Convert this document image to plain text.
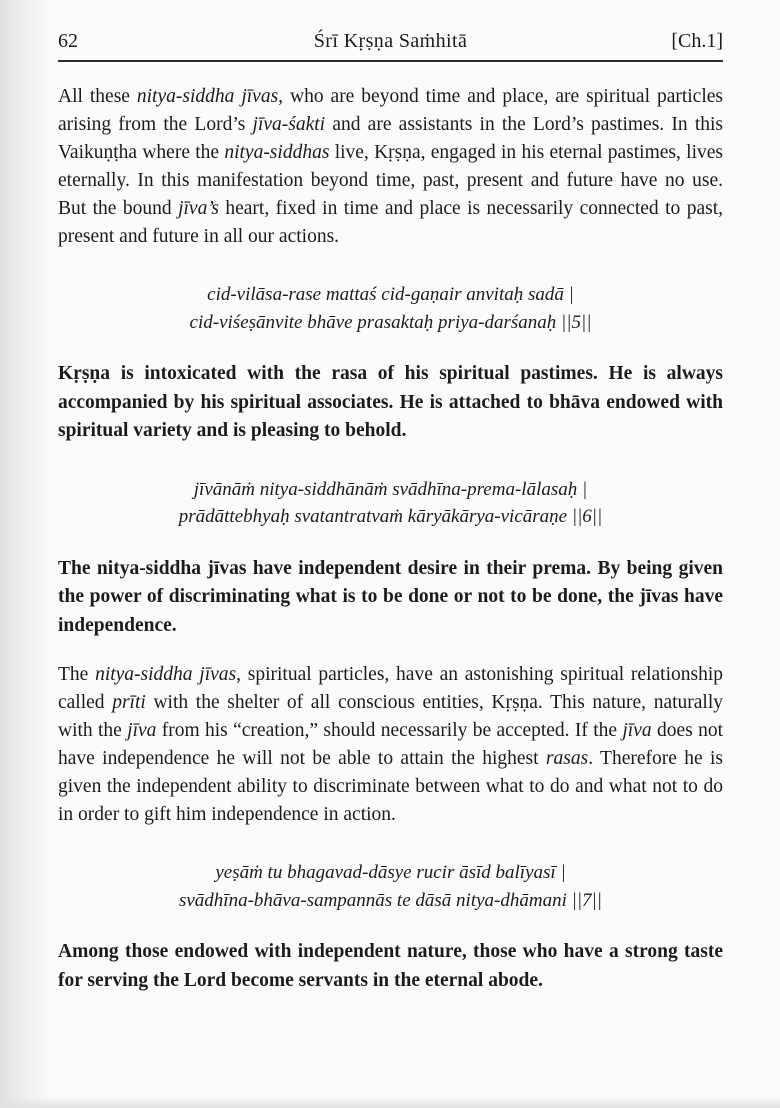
62	Śrī Kṛṣṇa Saṁhitā	[Ch.1]

All these nitya-siddha jīvas, who are beyond time and place, are spiritual particles arising from the Lord’s jīva-śakti and are assistants in the Lord’s pastimes. In this Vaikuṇṭha where the nitya-siddhas live, Kṛṣṇa, engaged in his eternal pastimes, lives eternally. In this manifestation beyond time, past, present and future have no use. But the bound jīva’s heart, fixed in time and place is necessarily connected to past, present and future in all our actions.

cid-vilāsa-rase mattaś cid-gaṇair anvitaḥ sadā |
cid-viśeṣānvite bhāve prasaktaḥ priya-darśanaḥ ||5||

Kṛṣṇa is intoxicated with the rasa of his spiritual pastimes. He is always accompanied by his spiritual associates. He is attached to bhāva endowed with spiritual variety and is pleasing to behold.

jīvānāṁ nitya-siddhānāṁ svādhīna-prema-lālasaḥ |
prādāttebhyaḥ svatantratvaṁ kāryākārya-vicāraṇe ||6||

The nitya-siddha jīvas have independent desire in their prema. By being given the power of discriminating what is to be done or not to be done, the jīvas have independence.

The nitya-siddha jīvas, spiritual particles, have an astonishing spiritual relationship called prīti with the shelter of all conscious entities, Kṛṣṇa. This nature, naturally with the jīva from his “creation,” should necessarily be accepted. If the jīva does not have independence he will not be able to attain the highest rasas. Therefore he is given the independent ability to discriminate between what to do and what not to do in order to gift him independence in action.

yeṣāṁ tu bhagavad-dāsye rucir āsīd balīyasī |
svādhīna-bhāva-sampannās te dāsā nitya-dhāmani ||7||

Among those endowed with independent nature, those who have a strong taste for serving the Lord become servants in the eternal abode.
